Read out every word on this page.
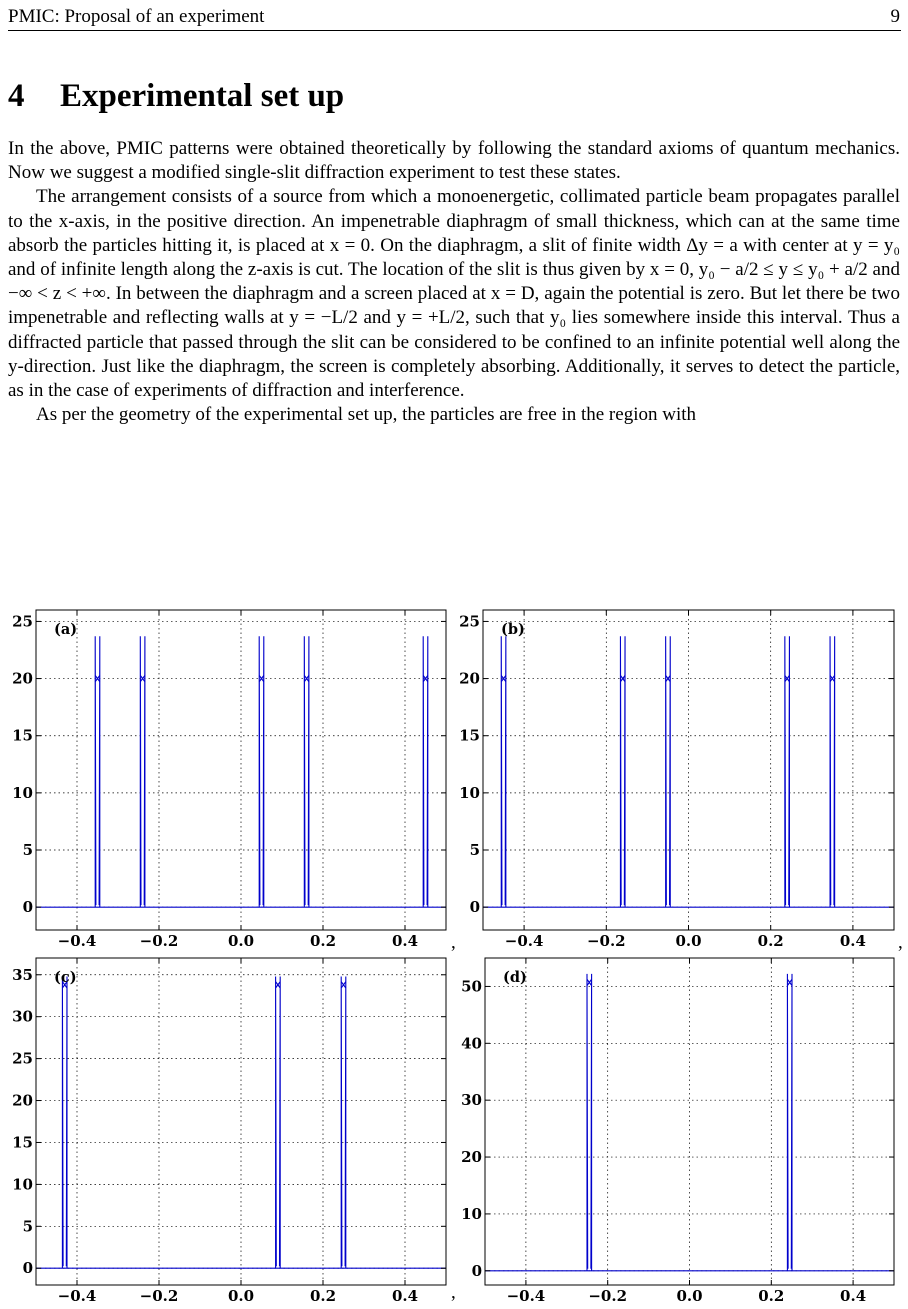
PMIC: Proposal of an experiment	9
4 Experimental set up

In the above, PMIC patterns were obtained theoretically by following the standard axioms of quantum mechanics. Now we suggest a modified single-slit diffraction experiment to test these states.

The arrangement consists of a source from which a monoenergetic, collimated particle beam propagates parallel to the x-axis, in the positive direction. An impenetrable diaphragm of small thickness, which can at the same time absorb the particles hitting it, is placed at x = 0. On the diaphragm, a slit of finite width Δy = a with center at y = y₀ and of infinite length along the z-axis is cut. The location of the slit is thus given by x = 0, y₀ − a/2 ≤ y ≤ y₀ + a/2 and −∞ < z < +∞. In between the diaphragm and a screen placed at x = D, again the potential is zero. But let there be two impenetrable and reflecting walls at y = −L/2 and y = +L/2, such that y₀ lies somewhere inside this interval. Thus a diffracted particle that passed through the slit can be considered to be confined to an infinite potential well along the y-direction. Just like the diaphragm, the screen is completely absorbing. Additionally, it serves to detect the particle, as in the case of experiments of diffraction and interference.

As per the geometry of the experimental set up, the particles are free in the region with

−0.4	−0.2	0.0	0.2	0.4
0
5
10
15
20
25 (a)
−0.4	−0.2	0.0	0.2	0.4
0
5
10
15
20
25 (b)
−0.4	−0.2	0.0	0.2	0.4
0
5
10
15
20
25
30
35 (c)
−0.4	−0.2	0.0	0.2	0.4
0
10
20
30
40
50 (d)
,	,
,
